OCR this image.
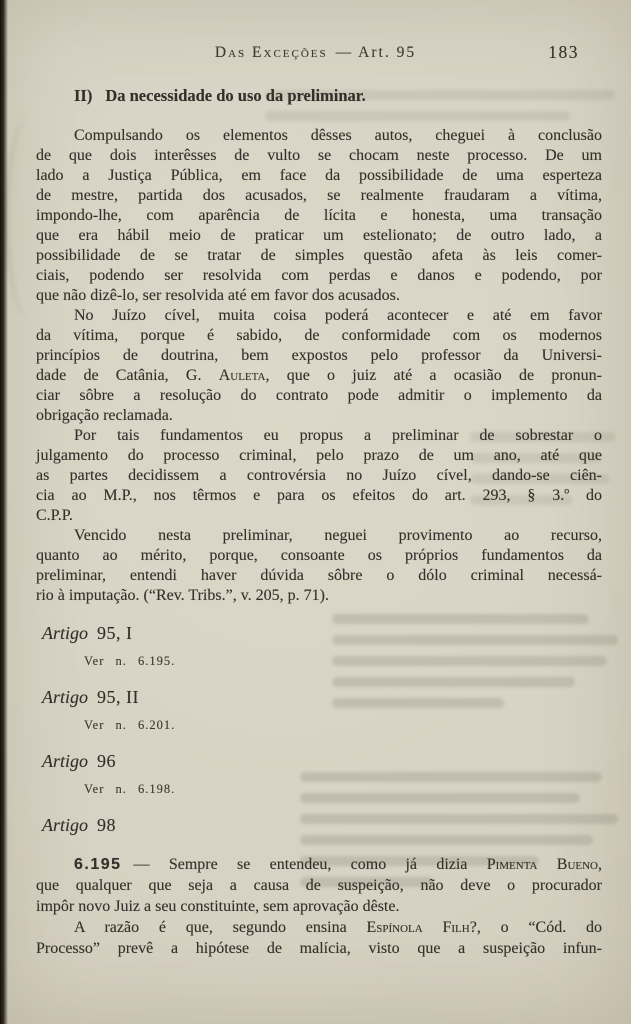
Das Exceções — Art. 95	183
II) Da necessidade do uso da preliminar.
Compulsando os elementos dêsses autos, cheguei à conclusão
de que dois interêsses de vulto se chocam neste processo. De um
lado a Justiça Pública, em face da possibilidade de uma esperteza
de mestre, partida dos acusados, se realmente fraudaram a vítima,
impondo-lhe, com aparência de lícita e honesta, uma transação
que era hábil meio de praticar um estelionato; de outro lado, a
possibilidade de se tratar de simples questão afeta às leis comer-
ciais, podendo ser resolvida com perdas e danos e podendo, por
que não dizê-lo, ser resolvida até em favor dos acusados.
No Juízo cível, muita coisa poderá acontecer e até em favor
da vítima, porque é sabido, de conformidade com os modernos
princípios de doutrina, bem expostos pelo professor da Universi-
dade de Catânia, G. Auleta, que o juiz até a ocasião de pronun-
ciar sôbre a resolução do contrato pode admitir o implemento da
obrigação reclamada.
Por tais fundamentos eu propus a preliminar de sobrestar o
julgamento do processo criminal, pelo prazo de um ano, até que
as partes decidissem a controvérsia no Juízo cível, dando-se ciên-
cia ao M.P., nos têrmos e para os efeitos do art. 293, § 3.º do
C.P.P.
Vencido nesta preliminar, neguei provimento ao recurso,
quanto ao mérito, porque, consoante os próprios fundamentos da
preliminar, entendi haver dúvida sôbre o dólo criminal necessá-
rio à imputação. (“Rev. Tribs.”, v. 205, p. 71).
Artigo 95, I
Ver n. 6.195.
Artigo 95, II
Ver n. 6.201.
Artigo 96
Ver n. 6.198.
Artigo 98
6.195 — Sempre se entendeu, como já dizia Pimenta Bueno,
que qualquer que seja a causa de suspeição, não deve o procurador
impôr novo Juiz a seu constituinte, sem aprovação dêste.
A razão é que, segundo ensina Espínola Filh?, o “Cód. do
Processo” prevê a hipótese de malícia, visto que a suspeição infun-
